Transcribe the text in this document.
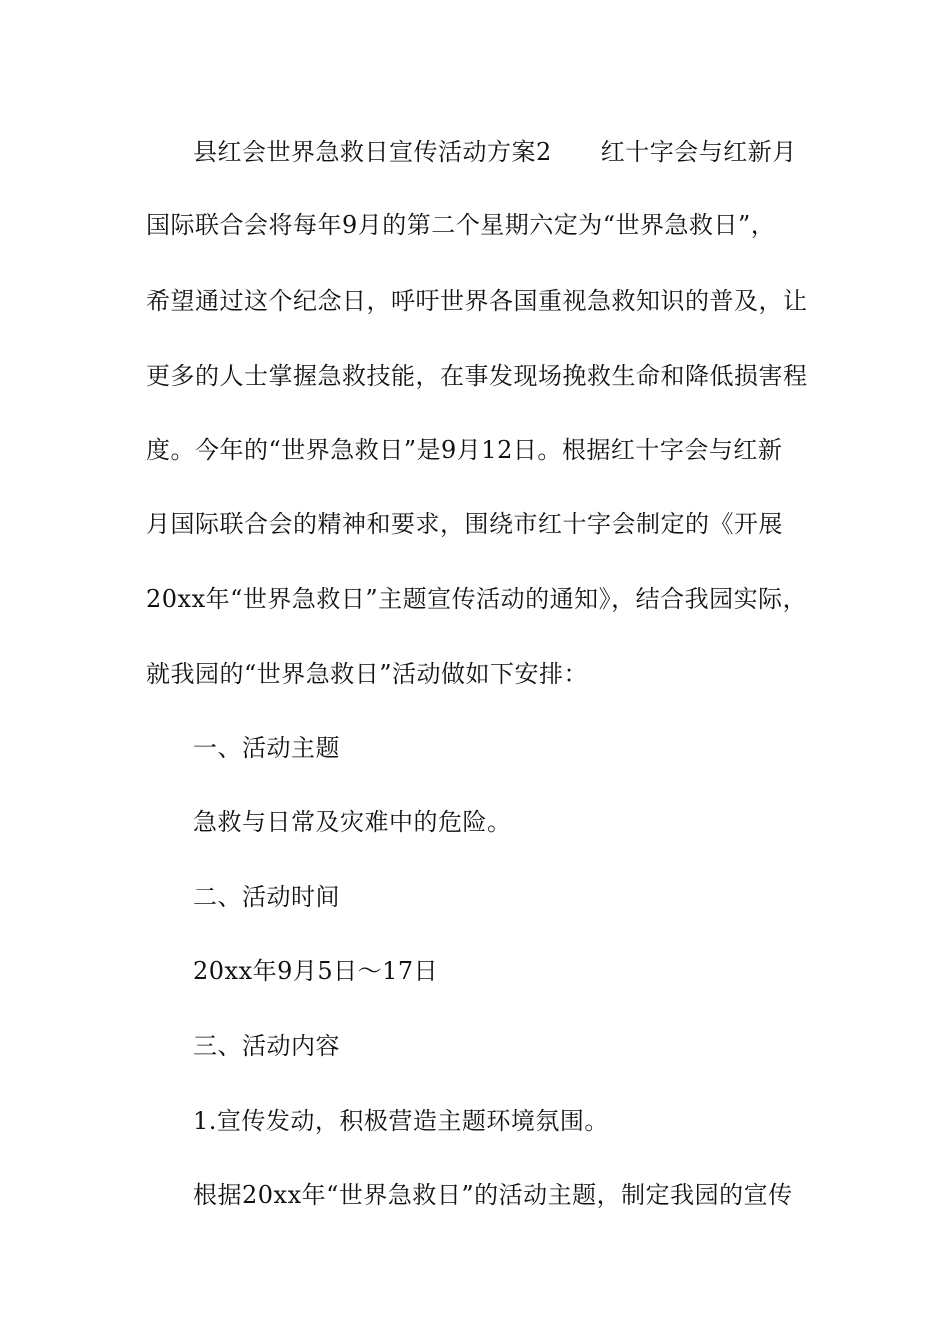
县红会世界急救日宣传活动方案2　　红十字会与红新月
国际联合会将每年9月的第二个星期六定为“世界急救日”，
希望通过这个纪念日，呼吁世界各国重视急救知识的普及，让
更多的人士掌握急救技能，在事发现场挽救生命和降低损害程
度。今年的“世界急救日”是9月12日。根据红十字会与红新
月国际联合会的精神和要求，围绕市红十字会制定的《开展
20xx年“世界急救日”主题宣传活动的通知》，结合我园实际，
就我园的“世界急救日”活动做如下安排：
一、活动主题
急救与日常及灾难中的危险。
二、活动时间
20xx年9月5日～17日
三、活动内容
1.宣传发动，积极营造主题环境氛围。
根据20xx年“世界急救日”的活动主题，制定我园的宣传
